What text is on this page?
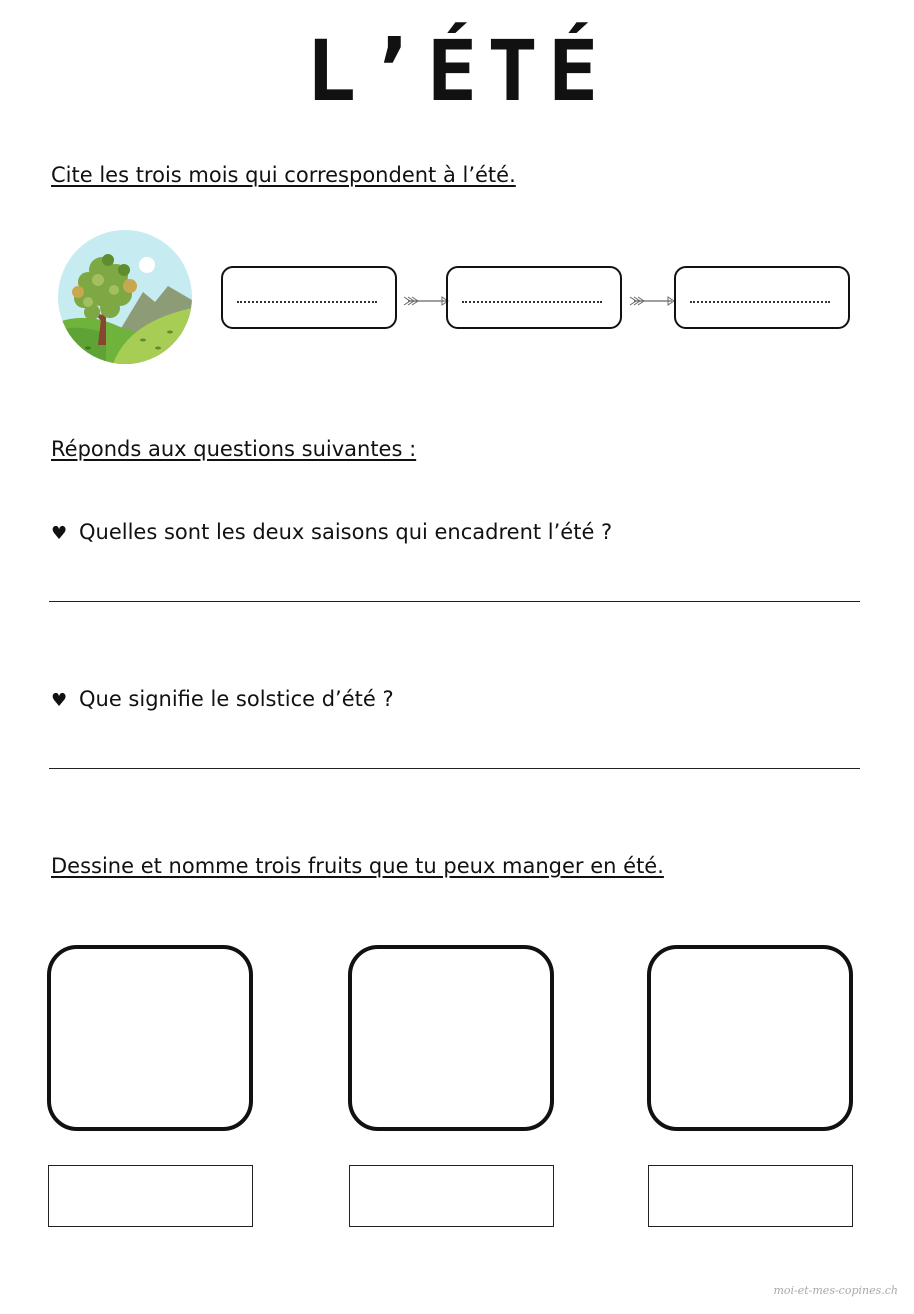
L’ÉTÉ
Cite les trois mois qui correspondent à l’été.
Réponds aux questions suivantes :
♥ Quelles sont les deux saisons qui encadrent l’été ?
♥ Que signifie le solstice d’été ?
Dessine et nomme trois fruits que tu peux manger en été.
moi-et-mes-copines.ch
